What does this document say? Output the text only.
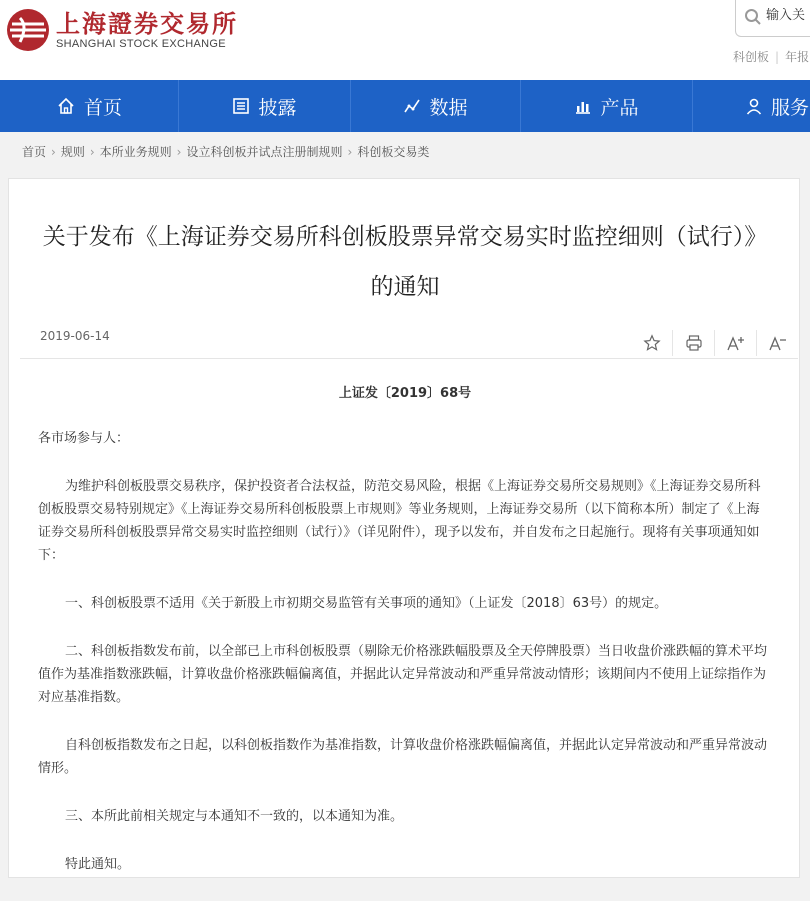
上海證券交易所
SHANGHAI STOCK EXCHANGE
输入关
科创板 | 年报
首页	披露	数据	产品	服务
首页 › 规则 › 本所业务规则 › 设立科创板并试点注册制规则 › 科创板交易类
关于发布《上海证券交易所科创板股票异常交易实时监控细则（试行）》
的通知
2019-06-14
上证发〔2019〕68号

各市场参与人：

为维护科创板股票交易秩序，保护投资者合法权益，防范交易风险，根据《上海证券交易所交易规则》《上海证券交易所科创板股票交易特别规定》《上海证券交易所科创板股票上市规则》等业务规则，上海证券交易所（以下简称本所）制定了《上海证券交易所科创板股票异常交易实时监控细则（试行）》（详见附件），现予以发布，并自发布之日起施行。现将有关事项通知如下：

一、科创板股票不适用《关于新股上市初期交易监管有关事项的通知》（上证发〔2018〕63号）的规定。

二、科创板指数发布前，以全部已上市科创板股票（剔除无价格涨跌幅股票及全天停牌股票）当日收盘价涨跌幅的算术平均值作为基准指数涨跌幅，计算收盘价格涨跌幅偏离值，并据此认定异常波动和严重异常波动情形；该期间内不使用上证综指作为对应基准指数。

自科创板指数发布之日起，以科创板指数作为基准指数，计算收盘价格涨跌幅偏离值，并据此认定异常波动和严重异常波动情形。

三、本所此前相关规定与本通知不一致的，以本通知为准。

特此通知。
